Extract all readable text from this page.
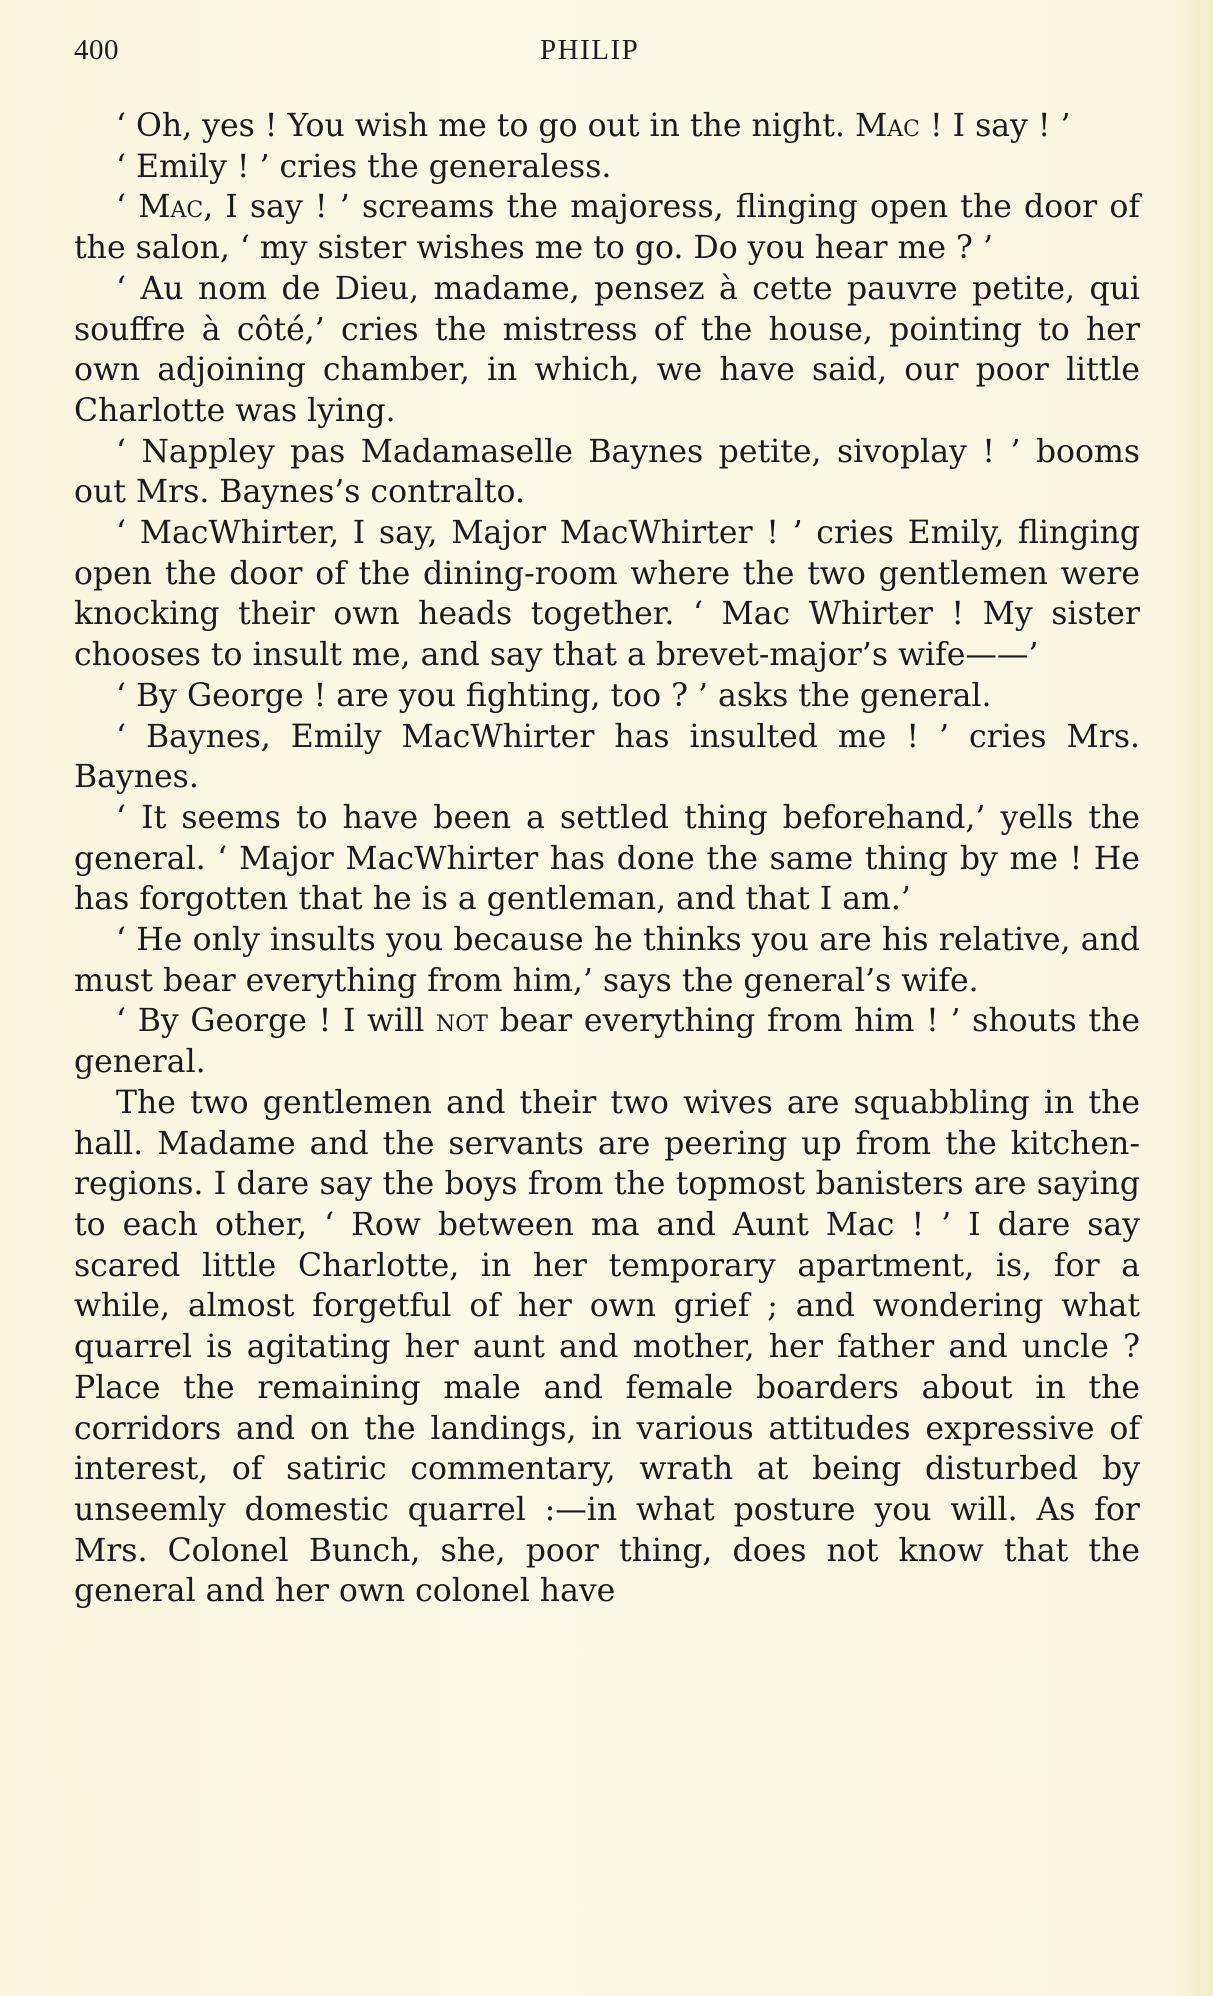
400	PHILIP

‘ Oh, yes ! You wish me to go out in the night. Mac ! I say ! ’

‘ Emily ! ’ cries the generaless.

‘ Mac, I say ! ’ screams the majoress, flinging open the door of the salon, ‘ my sister wishes me to go. Do you hear me ? ’

‘ Au nom de Dieu, madame, pensez à cette pauvre petite, qui souffre à côté,’ cries the mistress of the house, pointing to her own adjoining chamber, in which, we have said, our poor little Charlotte was lying.

‘ Nappley pas Madamaselle Baynes petite, sivoplay ! ’ booms out Mrs. Baynes’s contralto.

‘ MacWhirter, I say, Major MacWhirter ! ’ cries Emily, flinging open the door of the dining-room where the two gentlemen were knocking their own heads together. ‘ Mac Whirter ! My sister chooses to insult me, and say that a brevet-major’s wife——’

‘ By George ! are you fighting, too ? ’ asks the general.

‘ Baynes, Emily MacWhirter has insulted me ! ’ cries Mrs. Baynes.

‘ It seems to have been a settled thing beforehand,’ yells the general. ‘ Major MacWhirter has done the same thing by me ! He has forgotten that he is a gentleman, and that I am.’

‘ He only insults you because he thinks you are his relative, and must bear everything from him,’ says the general’s wife.

‘ By George ! I will not bear everything from him ! ’ shouts the general.

The two gentlemen and their two wives are squabbling in the hall. Madame and the servants are peering up from the kitchen-regions. I dare say the boys from the topmost banisters are saying to each other, ‘ Row between ma and Aunt Mac ! ’ I dare say scared little Charlotte, in her temporary apartment, is, for a while, almost forgetful of her own grief ; and wondering what quarrel is agitating her aunt and mother, her father and uncle ? Place the remaining male and female boarders about in the corridors and on the landings, in various attitudes expressive of interest, of satiric commentary, wrath at being disturbed by unseemly domestic quarrel :—in what posture you will. As for Mrs. Colonel Bunch, she, poor thing, does not know that the general and her own colonel have
